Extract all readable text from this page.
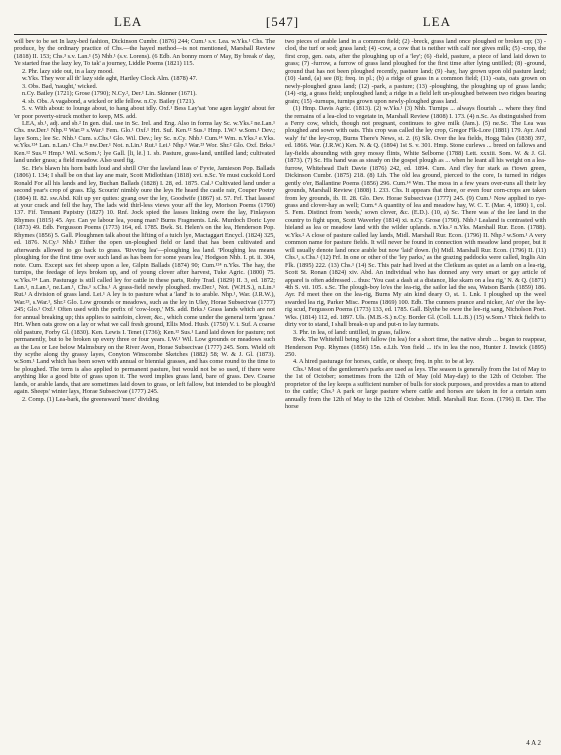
LEA	[547]	LEA

will bev to be set In lazy-bed fashion, Dickinson Cumbr. (1876) 244; Cum.¹ s.v. Lea. w.Yks.¹ Chs. The produce, by the ordinary practice of Chs.—the hayed method—is not mentioned, Marshall Review (1818) II. 153; Chs.³ s.v. Lan.¹ (5) Nhb.¹ (s.v. Lorens). (6 Edb. An bonny morn o' May, By break o' day, Ye started frae the lazy ley, To tak' a journey, Liddle Poems (1821) 115.

2. Phr. lazy side out, in a lazy mood.

w.Yks. They wor all th' lazy side aght, Hartley Clock Alm. (1878) 47.

3. Obs. Bad, 'naught,' wicked.

n.Cy. Bailey (1721); Grose (1790); N.Cy.², Der.¹ Lin. Skinner (1671).

4. sb. Obs. A vagabond, a wicked or idle fellow. n.Cy. Bailey (1721).

5. v. With about: to lounge about, to hang about idly. Oxf.¹ Bess Lay'sat 'one agen laygin' about fer 'er poor poverty-struck mother to keep, MS. add.

LEA, sb.¹, adj. and sb.² In gen. dial. use in Sc. Irel. and Eng. Also in forms lay Sc. w.Yks.² ne.Lan.¹ Chs. nw.Der.¹ Nhp.¹² War.²³ s.War.¹ Fem. Glo.¹ Oxf.¹ Hrt. Suf. Ken.¹² Sus.¹ Hmp. I.W.¹ w.Som.¹ Dev.; laye Som.; lee Sc. Nhb.¹ Cum. s.Chs.¹ Glo. Wil. Dev.; ley Sc. n.Cy. Nhb.¹ Cum.¹⁴ Wm. n.Yks.² e.Yks. w.Yks.¹²⁴ Lan. n.Lan.¹ Chs.¹³ nw.Der.¹ Not. n.Lin.¹ Rut.¹ Lei.¹ Nhp.¹ War.²³ Wor. Shr.² Glo. Oxf. Brks.¹ Ken.¹² Sus.¹² Hmp.¹ Wil. w.Som.¹; lye Gall. [li, lē.] 1. sb. Pasture, grass-land, untilled land; cultivated land under grass; a field meadow. Also used fig.

Sc. He's blawn his horn baith loud and shrill O'er the lawland leas o' Fyvie, Jamieson Pop. Ballads (1806) I. 134; I shall be on that lay ane mair, Scott Midlothian (1818) xvi. n.Sc. Ye must cuckold Lord Ronald For all his lands and ley, Buchan Ballads (1828) I. 28, ed. 1875. Cal.¹ Cultivated land under a second year's crop of grass. Elg. Scourin' nimbly oure the leys He heard the castle rair, Couper Poetry (1804) II. 82. sw.Abd. Kilt up yer quites: gyang owr the ley, Goodwife (1867) st. 57. Frf. That lasses! at your crack and fell the hay, The lads wid thirl-less views your aff the ley, Morison Poems (1790) 137. Fif. Tennant Papistry (1827) 10. Rnf. Jock spied the lasses linking owre the lay, Finlayson Rhymes (1815) 45. Ayr. Can ye labour lea, young man? Burns Fragments. Lnk. Murdoch Doric Lyre (1873) 49. Edb. Fergusson Poems (1773) 164, ed. 1785. Bwk. St. Helen's on the lea, Henderson Pop. Rhymes (1856) 5. Gall. Ploughmen talk about the lifting of a tuich lye, Mactaggart Encycl. (1824) 325, ed. 1876. N.Cy.¹ Nhb.¹ Either the open un-ploughed field or land that has been cultivated and afterwards allowed to go back to grass. 'Rivving lea'—ploughing lea land. 'Ploughing lea means ploughing for the first time over such land as has been for some years lea,' Hodgson Nhb. I. pt. ii. 304, note. Cum. Except sax fet sheep upon a lee, Gilpin Ballads (1874) 90; Cum.¹²⁴ n.Yks. The hay, the turnips, the feedage of leys broken up, and of young clover after harvest, Tuke Agric. (1800) 75. w.Yks.¹²⁴ Lan. Pasturage is still called ley for cattle in these parts, Roby Trad. (1829) II. 3, ed. 1872; Lan.¹, n.Lan.¹, ne.Lan.¹, Chs.¹ s.Chs.¹ A grass-field newly ploughed. nw.Der.¹, Not. (W.H.S.), n.Lin.¹ Rut.¹ A division of grass land. Lei.¹ A ley is to pasture what a 'land' is to arable. Nhp.¹, War. (J.R.W.), War.²³, s.War.¹, Shr.² Glo. Low grounds or meadows, such as the ley in Uley, Horae Subsecivae (1777) 245; Glo.¹ Oxf.¹ Often used with the prefix of 'cow-loop,' MS. add. Brks.¹ Grass lands which are not for annual breaking up; this applies to sainfoin, clover, &c., which come under the general term 'grass.' Hrt. When oats grow on a lay or what we call fresh ground, Ellis Mod. Husb. (1750) V. i. Suf. A coarse old pasture, Forby Gl. (1830). Ken. Lewis I. Tenet (1736); Ken.¹² Sus.¹ Land laid down for pasture; not permanently, but to be broken up every three or four years. I.W.¹ Wil. Low grounds or meadows such as the Lea or Lee below Malmsbury on the River Avon, Horae Subsecivae (1777) 245. Som. Wield oft thy scythe along thy grassy layes, Conyton Winscombe Sketches (1882) 58; W. & J. Gl. (1873). w.Som.¹ Land which has been sown with annual or biennial grasses, and has come round to the time to be ploughed. The term is also applied to permanent pasture, but would not be so used, if there were anything like a good bite of grass upon it. The word implies grass land, bare of grass. Dev. Coarse lands, or arable lands, that are sometimes laid down to grass, or left fallow, but intended to be plough'd again. Sheeps' winter lays, Horae Subsecivae (1777) 245.

2. Comp. (1) Lea-bark, the greensward 'merc' dividing

two pieces of arable land in a common field; (2) -breck, grass land once ploughed or broken up; (3) -clod, the turf or sod; grass land; (4) -cow, a cow that is neither with calf nor gives milk; (5) -crop, the first crop, gen. oats, after the ploughing up of a 'ley'; (6) -field, pasture, a piece of land laid down to grass; (7) -furrow, a furrow of grass land ploughed for the first time after lying untilled; (8) -ground, ground that has not been ploughed recently, pasture land; (9) -hay, hay grown upon old pasture land; (10) -land, (a) see (8); freq. in pl.; (b) a ridge of grass in a common field; (11) -oats, oats grown on newly-ploughed grass land; (12) -park, a pasture; (13) -ploughing, the ploughing up of grass lands; (14) -rig, a grass field; unploughed land; a ridge in a field left un-ploughed between two ridges bearing grain; (15) -turnups, turnips grown upon newly-ploughed grass land.

(1) Hmp. Davis Agric. (1813). (2) w.Yks.¹ (3) Nhb. Turnips ... always flourish ... where they find the remains of a lea-clod to vegetate in, Marshall Review (1808) I. 173. (4) n.Sc. As distinguished from a Ferry cow, which, though not pregnant, continues to give milk (Jam.). (5) ne.Sc. The Lea was ploughed and sown with oats. This crop was called the ley crop, Gregor Flk-Lore (1881) 179. Ayr. And waly' fu' the ley-crop, Burns There's News, st. 2. (6) Slk. Over the lea fields, Hogg Tales (1838) 397, ed. 1866. War. (J.R.W.) Ken. N. & Q. (1894) 1st S. v. 301. Hmp. Stone curlews ... breed on fallows and lay-fields abounding with grey mossy flints, White Selborne (1788) Lett. xxxiii. Som. W. & J. Gl. (1873). (7) Sc. His hand was as steady on the gospel plough as ... when he leant all his weight on a lea-furrow, Whitehead Daft Davie (1876) 242, ed. 1894. Cum. And t'ley fur stark as t'town green, Dickinson Cumbr. (1875) 218. (8) Lth. The old lea ground, pierced to the core, Is turned in ridges gently o'er, Ballantine Poems (1856) 296. Cum.¹⁴ Wm. The moss in a few years over-runs all their ley grounds, Marshall Review (1808) I. 233. Chs. It appears that three, or even four corn-crops are taken from ley grounds, ib. II. 28. Glo. Dev. Horae Subsecivae (1777) 245. (9) Cum.¹ Now applied to rye-grass and clover-hay as well; Cum.⁴ A quantity of lea and meadow hay, W. C. T. (Mar. 4, 1890) 1, col. 5. Fem. Distinct from 'seeds,' sown clover, &c. (E.D.). (10, a) Sc. There was a' the lee land in the country to fight upon, Scott Waverley (1814) xi. n.Cy. Grose (1790). Nhb.¹ Lealand is contrasted with hieland as lea or meadow land with the wilder uplands. n.Yks.² n.Yks. Marshall Rur. Econ. (1788). w.Yks.² A close of pasture called lay lands, Midl. Marshall Rur. Econ. (1796) II. Nhp.² w.Som.¹ A very common name for pasture fields. It will never be found in connection with meadow land proper, but it will usually denote land once arable but now 'laid' down. (b) Midl. Marshall Rur. Econ. (1796) II. (11) Chs.¹, s.Chs.¹ (12) Frf. In one or other of the 'ley parks,' as the grazing paddocks were called, Inglis Ain Flk. (1895) 222. (13) Chs.¹ (14) Sc. This pair had lived at the Cleikum as quiet as a lamb on a lea-rig, Scott St. Ronan (1824) xiv. Abd. An individual who has donned any very smart or gay article of apparel is often addressed ... thus: 'You cast a dash at a distance, like skarn on a lea rig,' N. & Q. (1871) 4th S. vii. 105. s.Sc. The plough-boy lo'es the lea-rig, the sailor lad the sea, Watson Bards (1859) 186. Ayr. I'd meet thee on the lea-rig, Burns My ain kind deary O, st. 1. Lnk. I ploughed up the weel swarded lea rig, Parker Misc. Poems (1869) 100. Edb. The cunners prance and nicker, An' o'er the ley-rig scud, Fergusson Poems (1773) 133, ed. 1785. Gall. Blythe be owre the lee-rig sang, Nicholson Poet. Wks. (1814) 112, ed. 1897. Uls. (M.B.-S.) n.Cy. Border Gl. (Coll. L.L.B.) (15) w.Som.¹ Thick field's to dirty vor to stand, I shall break-n up and put-n to lay turmuts.

3. Phr. in lea, of land: untilled, in grass, fallow.

Bwk. The Whitehill being left fallow (in lea) for a short time, the native shrub ... began to reappear, Henderson Pop. Rhymes (1856) 15n. e.Lth. Yon field ... it's in lea the noo, Hunter J. Inwick (1895) 250.

4. A hired pasturage for horses, cattle, or sheep; freq. in phr. to be at ley.

Chs.¹ Most of the gentlemen's parks are used as leys. The season is generally from the 1st of May to the 1st of October; sometimes from the 12th of May (old May-day) to the 12th of October. The proprietor of the ley keeps a sufficient number of bulls for stock purposes, and provides a man to attend to the cattle; Chs.³ A park or large pasture where cattle and horses are taken in for a certain sum annually from the 12th of May to the 12th of October. Midl. Marshall Rur. Econ. (1796) II. Der. The horse

4 A 2
